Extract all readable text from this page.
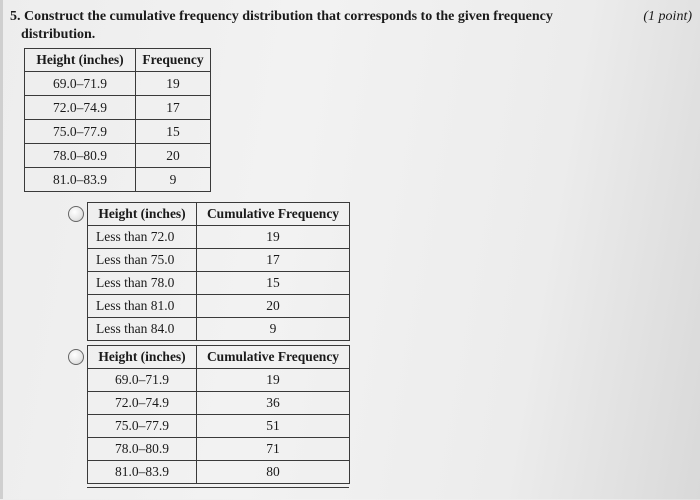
5. Construct the cumulative frequency distribution that corresponds to the given frequency	(1 point)
distribution.
Height (inches)	Frequency
69.0–71.9	19
72.0–74.9	17
75.0–77.9	15
78.0–80.9	20
81.0–83.9	9
Height (inches)	Cumulative Frequency
Less than 72.0	19
Less than 75.0	17
Less than 78.0	15
Less than 81.0	20
Less than 84.0	9
Height (inches)	Cumulative Frequency
69.0–71.9	19
72.0–74.9	36
75.0–77.9	51
78.0–80.9	71
81.0–83.9	80
